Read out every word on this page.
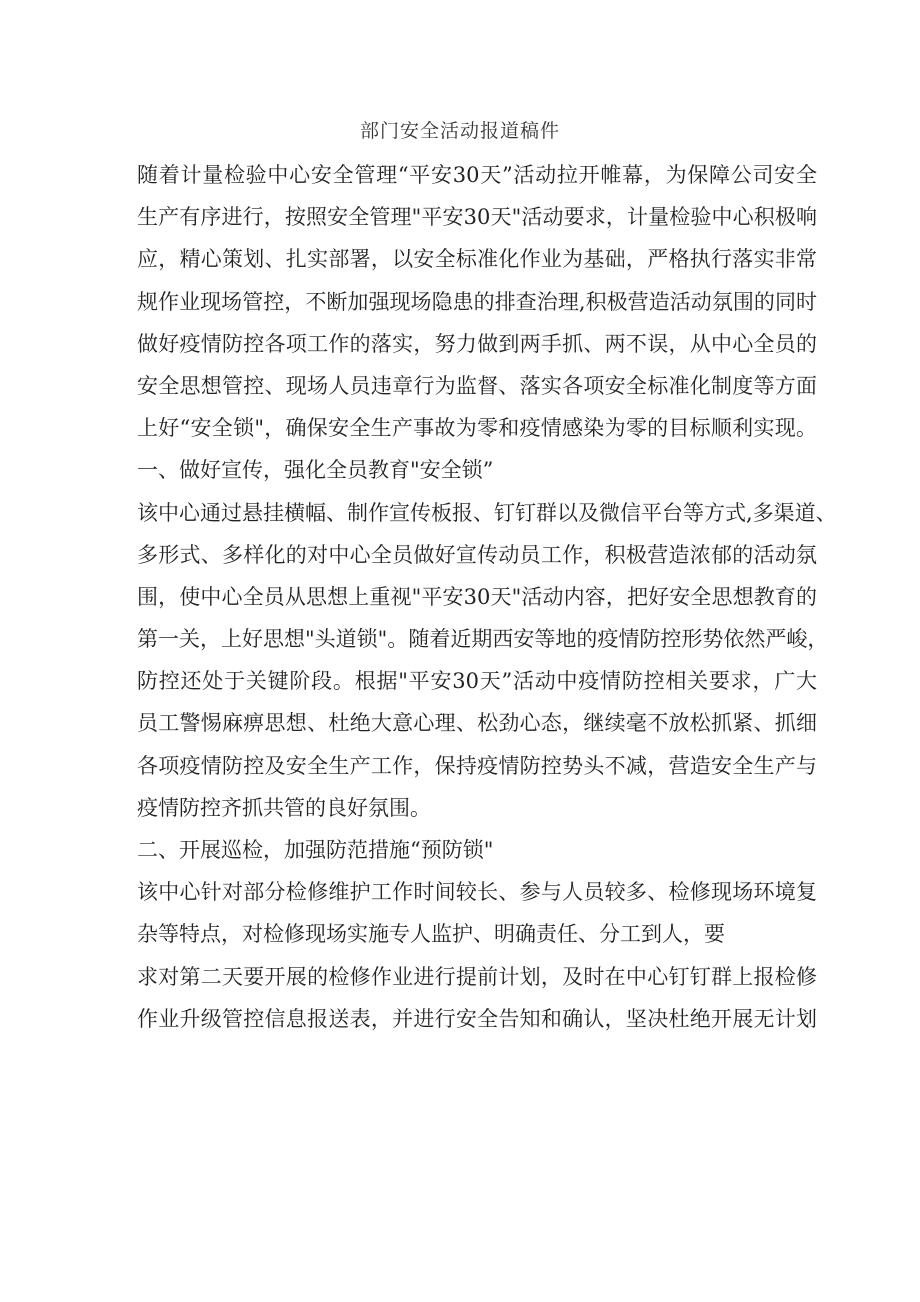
部门安全活动报道稿件
随着计量检验中心安全管理“平安30天”活动拉开帷幕，为保障公司安全
生产有序进行，按照安全管理"平安30天"活动要求，计量检验中心积极响
应，精心策划、扎实部署，以安全标准化作业为基础，严格执行落实非常
规作业现场管控，不断加强现场隐患的排查治理,积极营造活动氛围的同时
做好疫情防控各项工作的落实，努力做到两手抓、两不误，从中心全员的
安全思想管控、现场人员违章行为监督、落实各项安全标准化制度等方面
上好“安全锁"，确保安全生产事故为零和疫情感染为零的目标顺利实现。
一、做好宣传，强化全员教育"安全锁”
该中心通过悬挂横幅、制作宣传板报、钉钉群以及微信平台等方式,多渠道、
多形式、多样化的对中心全员做好宣传动员工作，积极营造浓郁的活动氛
围，使中心全员从思想上重视"平安30天"活动内容，把好安全思想教育的
第一关，上好思想"头道锁"。随着近期西安等地的疫情防控形势依然严峻，
防控还处于关键阶段。根据"平安30天”活动中疫情防控相关要求，广大
员工警惕麻痹思想、杜绝大意心理、松劲心态，继续毫不放松抓紧、抓细
各项疫情防控及安全生产工作，保持疫情防控势头不减，营造安全生产与
疫情防控齐抓共管的良好氛围。
二、开展巡检，加强防范措施“预防锁"
该中心针对部分检修维护工作时间较长、参与人员较多、检修现场环境复
杂等特点，对检修现场实施专人监护、明确责任、分工到人，要
求对第二天要开展的检修作业进行提前计划，及时在中心钉钉群上报检修
作业升级管控信息报送表，并进行安全告知和确认，坚决杜绝开展无计划
